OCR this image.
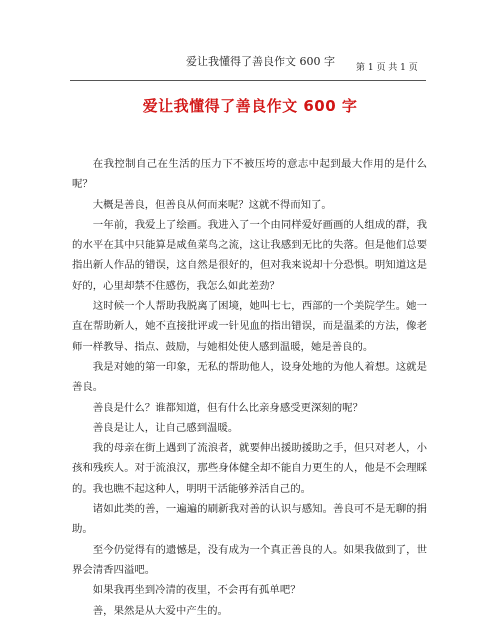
爱让我懂得了善良作文 600 字 第 1 页 共 1 页
爱让我懂得了善良作文 600 字

在我控制自己在生活的压力下不被压垮的意志中起到最大作用的是什么呢？

大概是善良，但善良从何而来呢？这就不得而知了。

一年前，我爱上了绘画。我进入了一个由同样爱好画画的人组成的群，我的水平在其中只能算是咸鱼菜鸟之流，这让我感到无比的失落。但是他们总要指出新人作品的错误，这自然是很好的，但对我来说却十分恐惧。明知道这是好的，心里却禁不住感伤，我怎么如此差劲？

这时候一个人帮助我脱离了困境，她叫七七，西部的一个美院学生。她一直在帮助新人，她不直接批评或一针见血的指出错误，而是温柔的方法，像老师一样教导、指点、鼓励，与她相处使人感到温暖，她是善良的。

我是对她的第一印象，无私的帮助他人，设身处地的为他人着想。这就是善良。

善良是什么？谁都知道，但有什么比亲身感受更深刻的呢？

善良是让人，让自己感到温暖。

我的母亲在街上遇到了流浪者，就要伸出援助援助之手，但只对老人，小孩和残疾人。对于流浪汉，那些身体健全却不能自力更生的人，他是不会理睬的。我也瞧不起这种人，明明干活能够养活自己的。

诸如此类的善，一遍遍的刷新我对善的认识与感知。善良可不是无聊的捐助。

至今仍觉得有的遗憾是，没有成为一个真正善良的人。如果我做到了，世界会清香四溢吧。

如果我再坐到冷清的夜里，不会再有孤单吧？

善，果然是从大爱中产生的。
